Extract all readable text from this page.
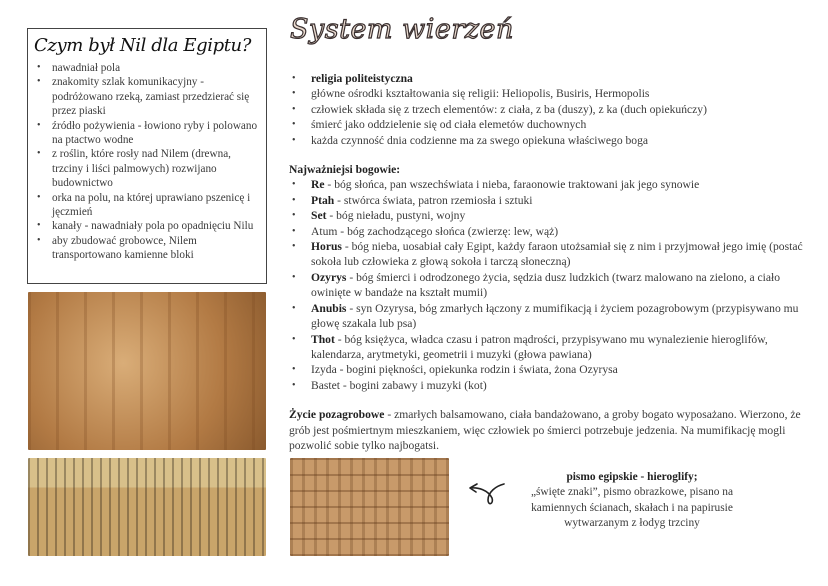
Czym był Nil dla Egiptu?
• nawadniał pola
• znakomity szlak komunikacyjny - podróżowano rzeką, zamiast przedzierać się przez piaski
• źródło pożywienia - łowiono ryby i polowano na ptactwo wodne
• z roślin, które rosły nad Nilem (drewna, trzciny i liści palmowych) rozwijano budownictwo
• orka na polu, na której uprawiano pszenicę i jęczmień
• kanały - nawadniały pola po opadnięciu Nilu
• aby zbudować grobowce, Nilem transportowano kamienne bloki
System wierzeń
• religia politeistyczna
• główne ośrodki kształtowania się religii: Heliopolis, Busiris, Hermopolis
• człowiek składa się z trzech elementów: z ciała, z ba (duszy), z ka (duch opiekuńczy)
• śmierć jako oddzielenie się od ciała elemetów duchownych
• każda czynność dnia codzienne ma za swego opiekuna właściwego boga
Najważniejsi bogowie:
• Re - bóg słońca, pan wszechświata i nieba, faraonowie traktowani jak jego synowie
• Ptah - stwórca świata, patron rzemiosła i sztuki
• Set - bóg nieładu, pustyni, wojny
• Atum - bóg zachodzącego słońca (zwierzę: lew, wąż)
• Horus - bóg nieba, uosabiał cały Egipt, każdy faraon utożsamiał się z nim i przyjmował jego imię (postać sokoła lub człowieka z głową sokoła i tarczą słoneczną)
• Ozyrys - bóg śmierci i odrodzonego życia, sędzia dusz ludzkich (twarz malowano na zielono, a ciało owinięte w bandaże na kształt mumii)
• Anubis - syn Ozyrysa, bóg zmarłych łączony z mumifikacją i życiem pozagrobowym (przypisywano mu głowę szakala lub psa)
• Thot - bóg księżyca, władca czasu i patron mądrości, przypisywano mu wynalezienie hieroglifów, kalendarza, arytmetyki, geometrii i muzyki (głowa pawiana)
• Izyda - bogini piękności, opiekunka rodzin i świata, żona Ozyrysa
• Bastet - bogini zabawy i muzyki (kot)

Życie pozagrobowe - zmarłych balsamowano, ciała bandażowano, a groby bogato wyposażano. Wierzono, że grób jest pośmiertnym mieszkaniem, więc człowiek po śmierci potrzebuje jedzenia. Na mumifikację mogli pozwolić sobie tylko najbogatsi.

pismo egipskie - hieroglify;
„święte znaki”, pismo obrazkowe, pisano na kamiennych ścianach, skałach i na papirusie wytwarzanym z łodyg trzciny
